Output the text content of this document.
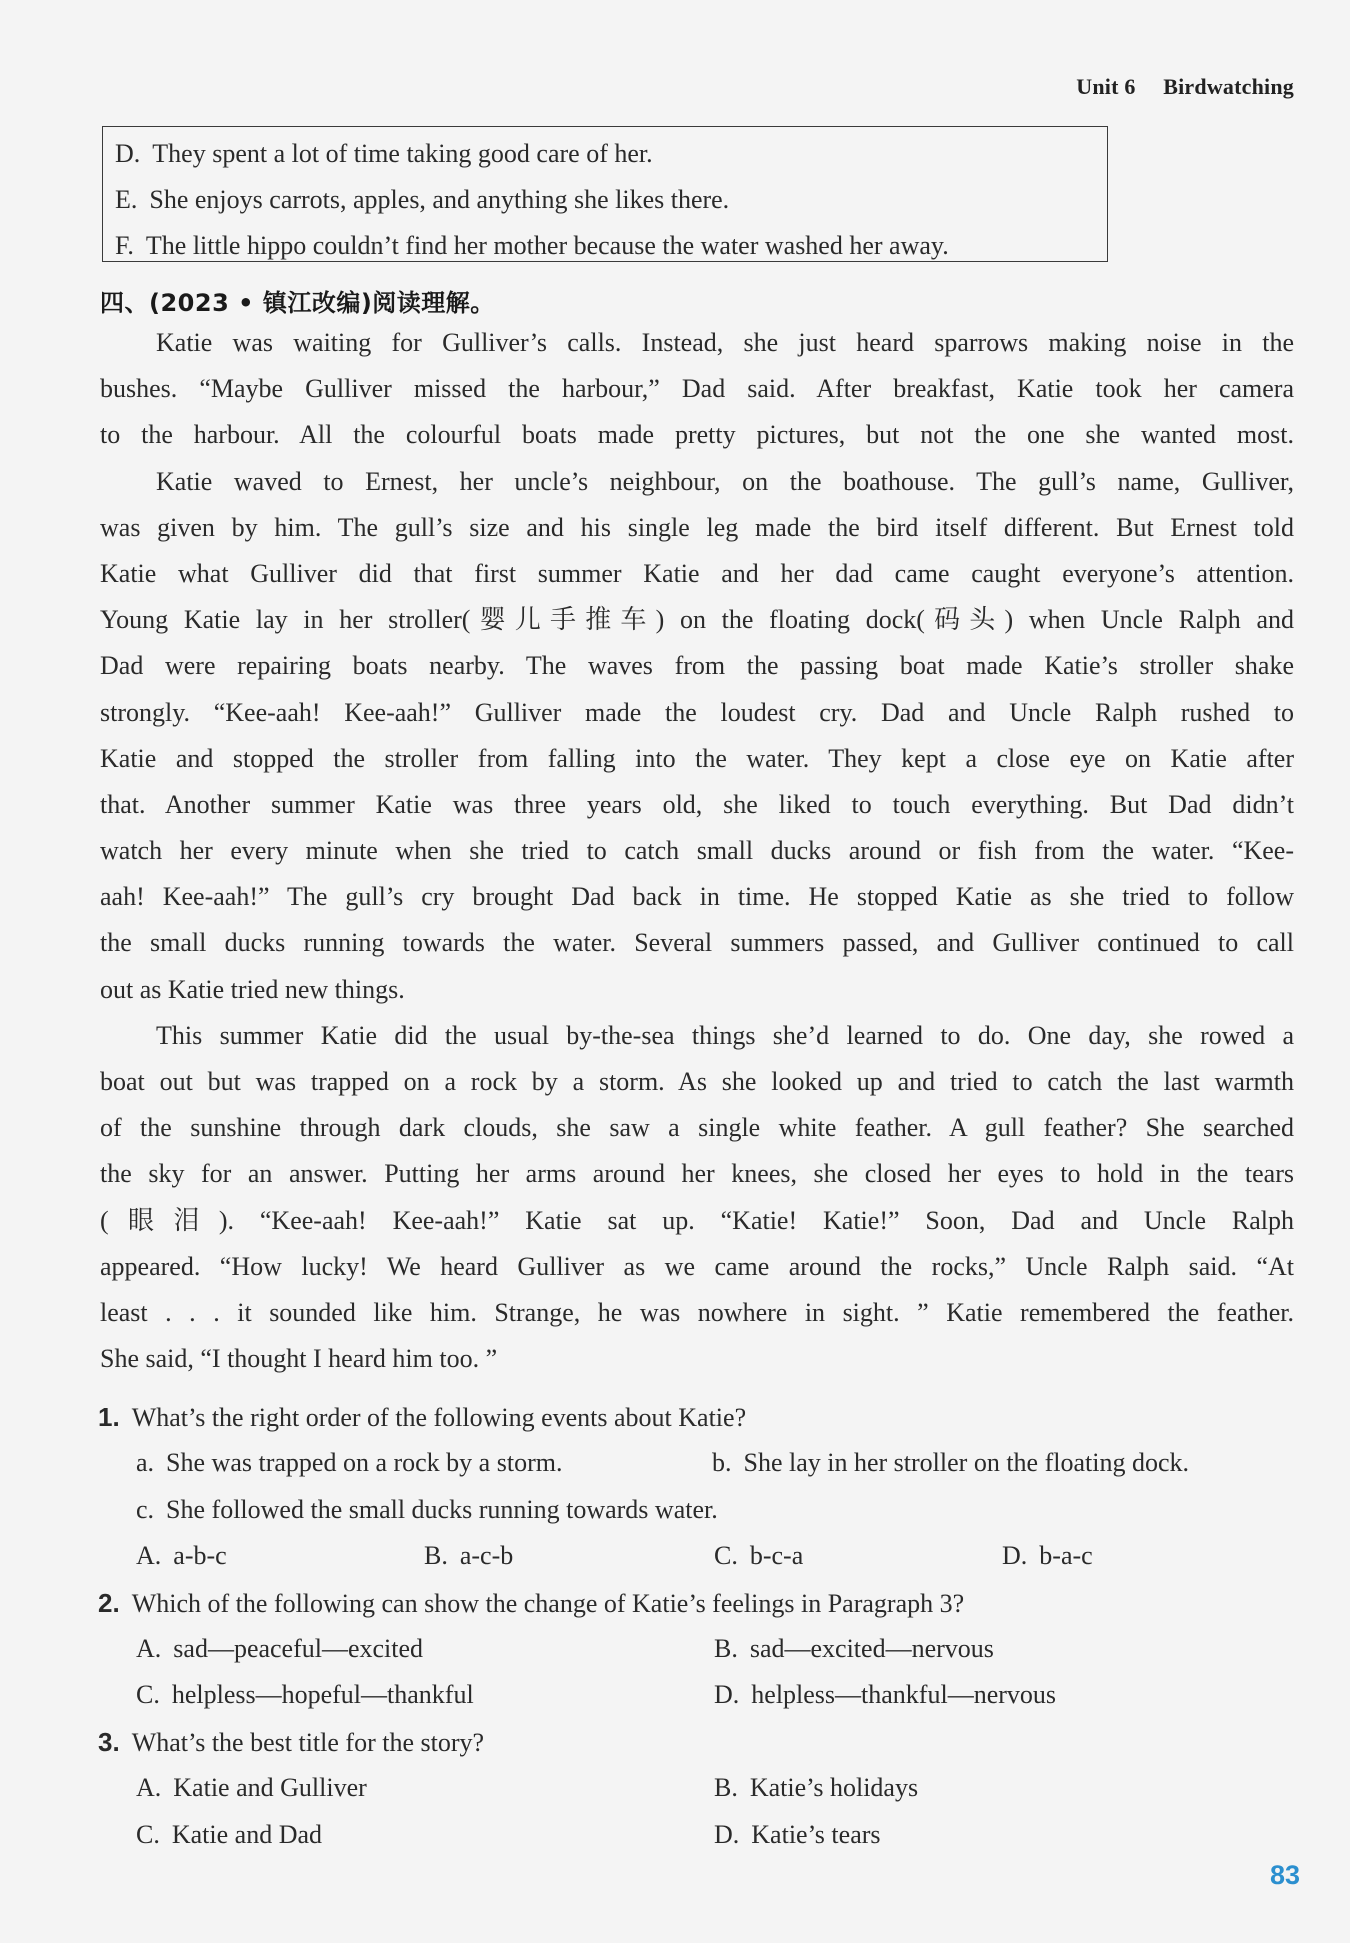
Unit 6 Birdwatching
D. They spent a lot of time taking good care of her.
E. She enjoys carrots, apples, and anything she likes there.
F. The little hippo couldn’t find her mother because the water washed her away.
四、(2023 • 镇江改编)阅读理解。
Katie was waiting for Gulliver’s calls. Instead, she just heard sparrows making noise in the
bushes. “Maybe Gulliver missed the harbour,” Dad said. After breakfast, Katie took her camera
to the harbour. All the colourful boats made pretty pictures, but not the one she wanted most.
Katie waved to Ernest, her uncle’s neighbour, on the boathouse. The gull’s name, Gulliver,
was given by him. The gull’s size and his single leg made the bird itself different. But Ernest told
Katie what Gulliver did that first summer Katie and her dad came caught everyone’s attention.
Young Katie lay in her stroller(婴儿手推车) on the floating dock(码头) when Uncle Ralph and
Dad were repairing boats nearby. The waves from the passing boat made Katie’s stroller shake
strongly. “Kee-aah! Kee-aah!” Gulliver made the loudest cry. Dad and Uncle Ralph rushed to
Katie and stopped the stroller from falling into the water. They kept a close eye on Katie after
that. Another summer Katie was three years old, she liked to touch everything. But Dad didn’t
watch her every minute when she tried to catch small ducks around or fish from the water. “Kee-
aah! Kee-aah!” The gull’s cry brought Dad back in time. He stopped Katie as she tried to follow
the small ducks running towards the water. Several summers passed, and Gulliver continued to call
out as Katie tried new things.
This summer Katie did the usual by-the-sea things she’d learned to do. One day, she rowed a
boat out but was trapped on a rock by a storm. As she looked up and tried to catch the last warmth
of the sunshine through dark clouds, she saw a single white feather. A gull feather? She searched
the sky for an answer. Putting her arms around her knees, she closed her eyes to hold in the tears
(眼泪). “Kee-aah! Kee-aah!” Katie sat up. “Katie! Katie!” Soon, Dad and Uncle Ralph
appeared. “How lucky! We heard Gulliver as we came around the rocks,” Uncle Ralph said. “At
least . . . it sounded like him. Strange, he was nowhere in sight. ” Katie remembered the feather.
She said, “I thought I heard him too. ”
1. What’s the right order of the following events about Katie?
a. She was trapped on a rock by a storm.	b. She lay in her stroller on the floating dock.
c. She followed the small ducks running towards water.
A. a-b-c	B. a-c-b	C. b-c-a	D. b-a-c
2. Which of the following can show the change of Katie’s feelings in Paragraph 3?
A. sad—peaceful—excited	B. sad—excited—nervous
C. helpless—hopeful—thankful	D. helpless—thankful—nervous
3. What’s the best title for the story?
A. Katie and Gulliver	B. Katie’s holidays
C. Katie and Dad	D. Katie’s tears
83
